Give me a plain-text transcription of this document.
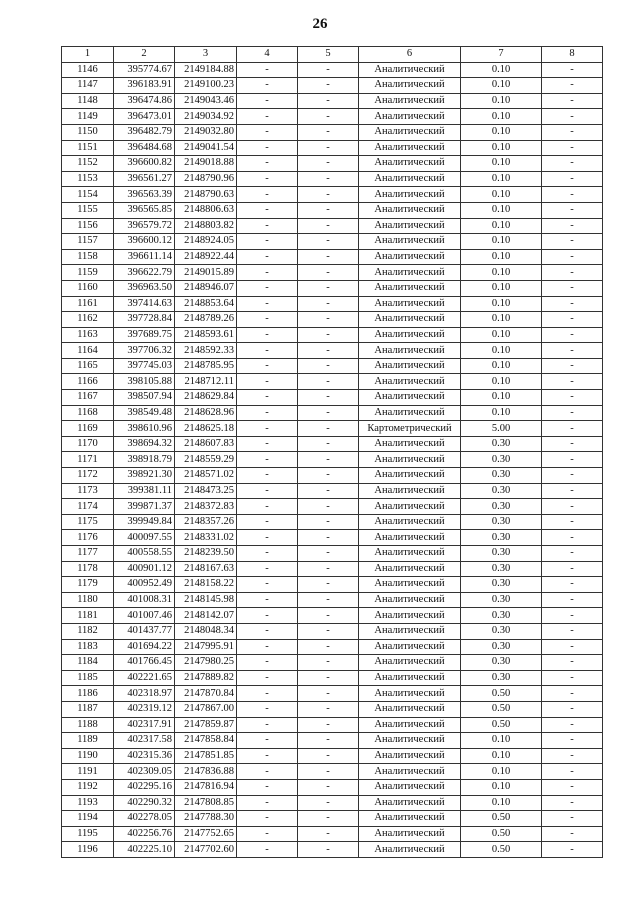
26
1	2	3	4	5	6	7	8
1146	395774.67	2149184.88	-	-	Аналитический	0.10	-
1147	396183.91	2149100.23	-	-	Аналитический	0.10	-
1148	396474.86	2149043.46	-	-	Аналитический	0.10	-
1149	396473.01	2149034.92	-	-	Аналитический	0.10	-
1150	396482.79	2149032.80	-	-	Аналитический	0.10	-
1151	396484.68	2149041.54	-	-	Аналитический	0.10	-
1152	396600.82	2149018.88	-	-	Аналитический	0.10	-
1153	396561.27	2148790.96	-	-	Аналитический	0.10	-
1154	396563.39	2148790.63	-	-	Аналитический	0.10	-
1155	396565.85	2148806.63	-	-	Аналитический	0.10	-
1156	396579.72	2148803.82	-	-	Аналитический	0.10	-
1157	396600.12	2148924.05	-	-	Аналитический	0.10	-
1158	396611.14	2148922.44	-	-	Аналитический	0.10	-
1159	396622.79	2149015.89	-	-	Аналитический	0.10	-
1160	396963.50	2148946.07	-	-	Аналитический	0.10	-
1161	397414.63	2148853.64	-	-	Аналитический	0.10	-
1162	397728.84	2148789.26	-	-	Аналитический	0.10	-
1163	397689.75	2148593.61	-	-	Аналитический	0.10	-
1164	397706.32	2148592.33	-	-	Аналитический	0.10	-
1165	397745.03	2148785.95	-	-	Аналитический	0.10	-
1166	398105.88	2148712.11	-	-	Аналитический	0.10	-
1167	398507.94	2148629.84	-	-	Аналитический	0.10	-
1168	398549.48	2148628.96	-	-	Аналитический	0.10	-
1169	398610.96	2148625.18	-	-	Картометрический	5.00	-
1170	398694.32	2148607.83	-	-	Аналитический	0.30	-
1171	398918.79	2148559.29	-	-	Аналитический	0.30	-
1172	398921.30	2148571.02	-	-	Аналитический	0.30	-
1173	399381.11	2148473.25	-	-	Аналитический	0.30	-
1174	399871.37	2148372.83	-	-	Аналитический	0.30	-
1175	399949.84	2148357.26	-	-	Аналитический	0.30	-
1176	400097.55	2148331.02	-	-	Аналитический	0.30	-
1177	400558.55	2148239.50	-	-	Аналитический	0.30	-
1178	400901.12	2148167.63	-	-	Аналитический	0.30	-
1179	400952.49	2148158.22	-	-	Аналитический	0.30	-
1180	401008.31	2148145.98	-	-	Аналитический	0.30	-
1181	401007.46	2148142.07	-	-	Аналитический	0.30	-
1182	401437.77	2148048.34	-	-	Аналитический	0.30	-
1183	401694.22	2147995.91	-	-	Аналитический	0.30	-
1184	401766.45	2147980.25	-	-	Аналитический	0.30	-
1185	402221.65	2147889.82	-	-	Аналитический	0.30	-
1186	402318.97	2147870.84	-	-	Аналитический	0.50	-
1187	402319.12	2147867.00	-	-	Аналитический	0.50	-
1188	402317.91	2147859.87	-	-	Аналитический	0.50	-
1189	402317.58	2147858.84	-	-	Аналитический	0.10	-
1190	402315.36	2147851.85	-	-	Аналитический	0.10	-
1191	402309.05	2147836.88	-	-	Аналитический	0.10	-
1192	402295.16	2147816.94	-	-	Аналитический	0.10	-
1193	402290.32	2147808.85	-	-	Аналитический	0.10	-
1194	402278.05	2147788.30	-	-	Аналитический	0.50	-
1195	402256.76	2147752.65	-	-	Аналитический	0.50	-
1196	402225.10	2147702.60	-	-	Аналитический	0.50	-
